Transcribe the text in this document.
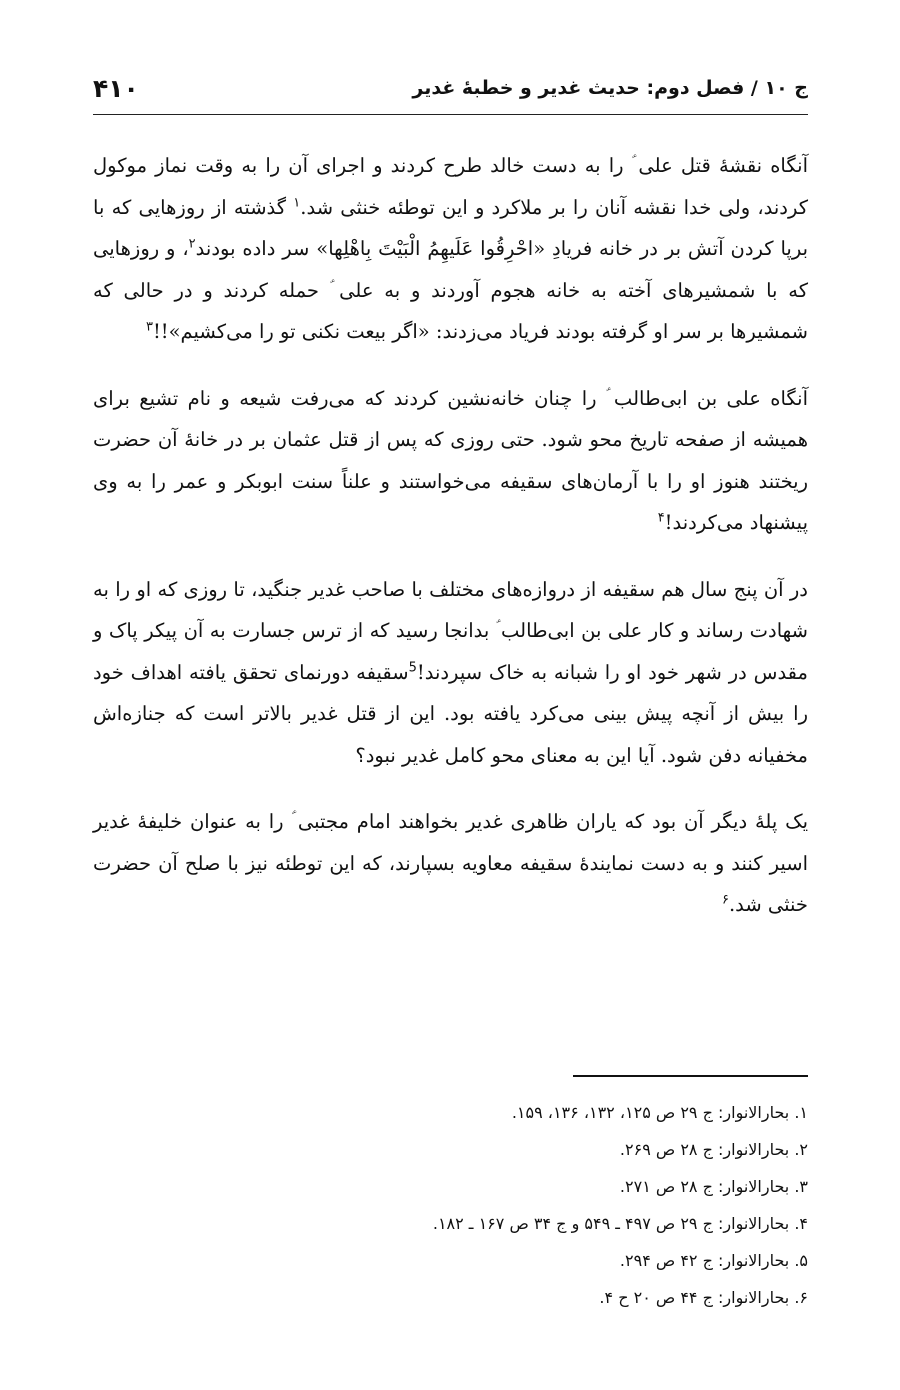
ج ۱۰ / فصل دوم: حدیث غدیر و خطبهٔ غدیر
۴۱۰

آنگاه نقشهٔ قتل علی ؑ را به دست خالد طرح کردند و اجرای آن را به وقت نماز موکول کردند، ولی خدا نقشه آنان را بر ملاکرد و این توطئه خنثی شد.$^۱$ گذشته از روزهایی که با برپا کردن آتش بر در خانه فریادِ «احْرِقُوا عَلَیهِمُ الْبَیْتَ بِاهْلِها» سر داده بودند$^۲$، و روزهایی که با شمشیرهای آخته به خانه هجوم آوردند و به علی ؑ حمله کردند و در حالی که شمشیرها بر سر او گرفته بودند فریاد می‌زدند: «اگر بیعت نکنی تو را می‌کشیم»!!$^۳$

آنگاه علی بن ابی‌طالب ؑ را چنان خانه‌نشین کردند که می‌رفت شیعه و نام تشیع برای همیشه از صفحه تاریخ محو شود. حتی روزی که پس از قتل عثمان بر در خانهٔ آن حضرت ریختند هنوز او را با آرمان‌های سقیفه می‌خواستند و علناً سنت ابوبکر و عمر را به وی پیشنهاد می‌کردند!$^۴$

در آن پنج سال هم سقیفه از دروازه‌های مختلف با صاحب غدیر جنگید، تا روزی که او را به شهادت رساند و کار علی بن ابی‌طالب ؑ بدانجا رسید که از ترس جسارت به آن پیکر پاک و مقدس در شهر خود او را شبانه به خاک سپردند!$^5$سقیفه دورنمای تحقق یافته اهداف خود را بیش از آنچه پیش بینی می‌کرد یافته بود. این از قتل غدیر بالاتر است که جنازه‌اش مخفیانه دفن شود. آیا این به معنای محو کامل غدیر نبود؟

یک پلهٔ دیگر آن بود که یاران ظاهری غدیر بخواهند امام مجتبی ؑ را به عنوان خلیفهٔ غدیر اسیر کنند و به دست نمایندهٔ سقیفه معاویه بسپارند، که این توطئه نیز با صلح آن حضرت خنثی شد.$^۶$

۱. بحارالانوار: ج ۲۹ ص ۱۲۵، ۱۳۲، ۱۳۶، ۱۵۹.
۲. بحارالانوار: ج ۲۸ ص ۲۶۹.
۳. بحارالانوار: ج ۲۸ ص ۲۷۱.
۴. بحارالانوار: ج ۲۹ ص ۴۹۷ ـ ۵۴۹ و ج ۳۴ ص ۱۶۷ ـ ۱۸۲.
۵. بحارالانوار: ج ۴۲ ص ۲۹۴.
۶. بحارالانوار: ج ۴۴ ص ۲۰ ح ۴.
